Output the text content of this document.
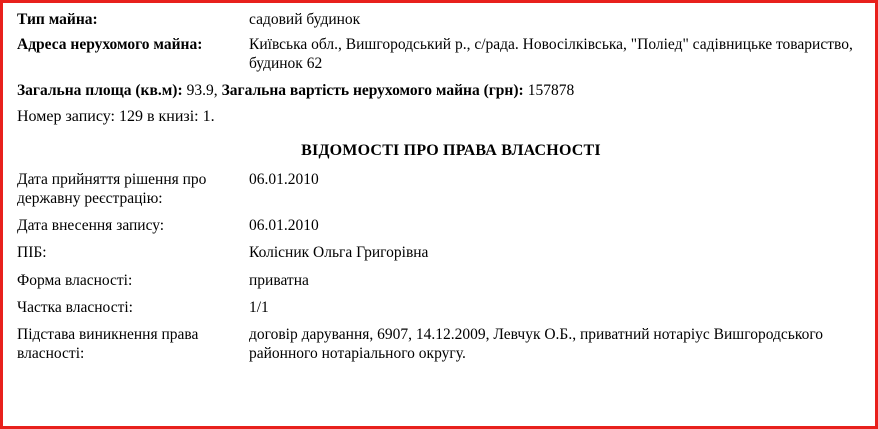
Тип майна:	садовий будинок
Адреса нерухомого майна:	Київська обл., Вишгородський р., с/рада. Новосілківська, "Поліед" садівницьке товариство, будинок 62
Загальна площа (кв.м): 93.9, Загальна вартість нерухомого майна (грн): 157878
Номер запису: 129 в книзі: 1.
ВІДОМОСТІ ПРО ПРАВА ВЛАСНОСТІ
Дата прийняття рішення про державну реєстрацію:
06.01.2010
Дата внесення запису:	06.01.2010
ПІБ:	Колісник Ольга Григорівна
Форма власності:	приватна
Частка власності:	1/1
Підстава виникнення права власності:
договір дарування, 6907, 14.12.2009, Левчук О.Б., приватний нотаріус Вишгородського районного нотаріального округу.
